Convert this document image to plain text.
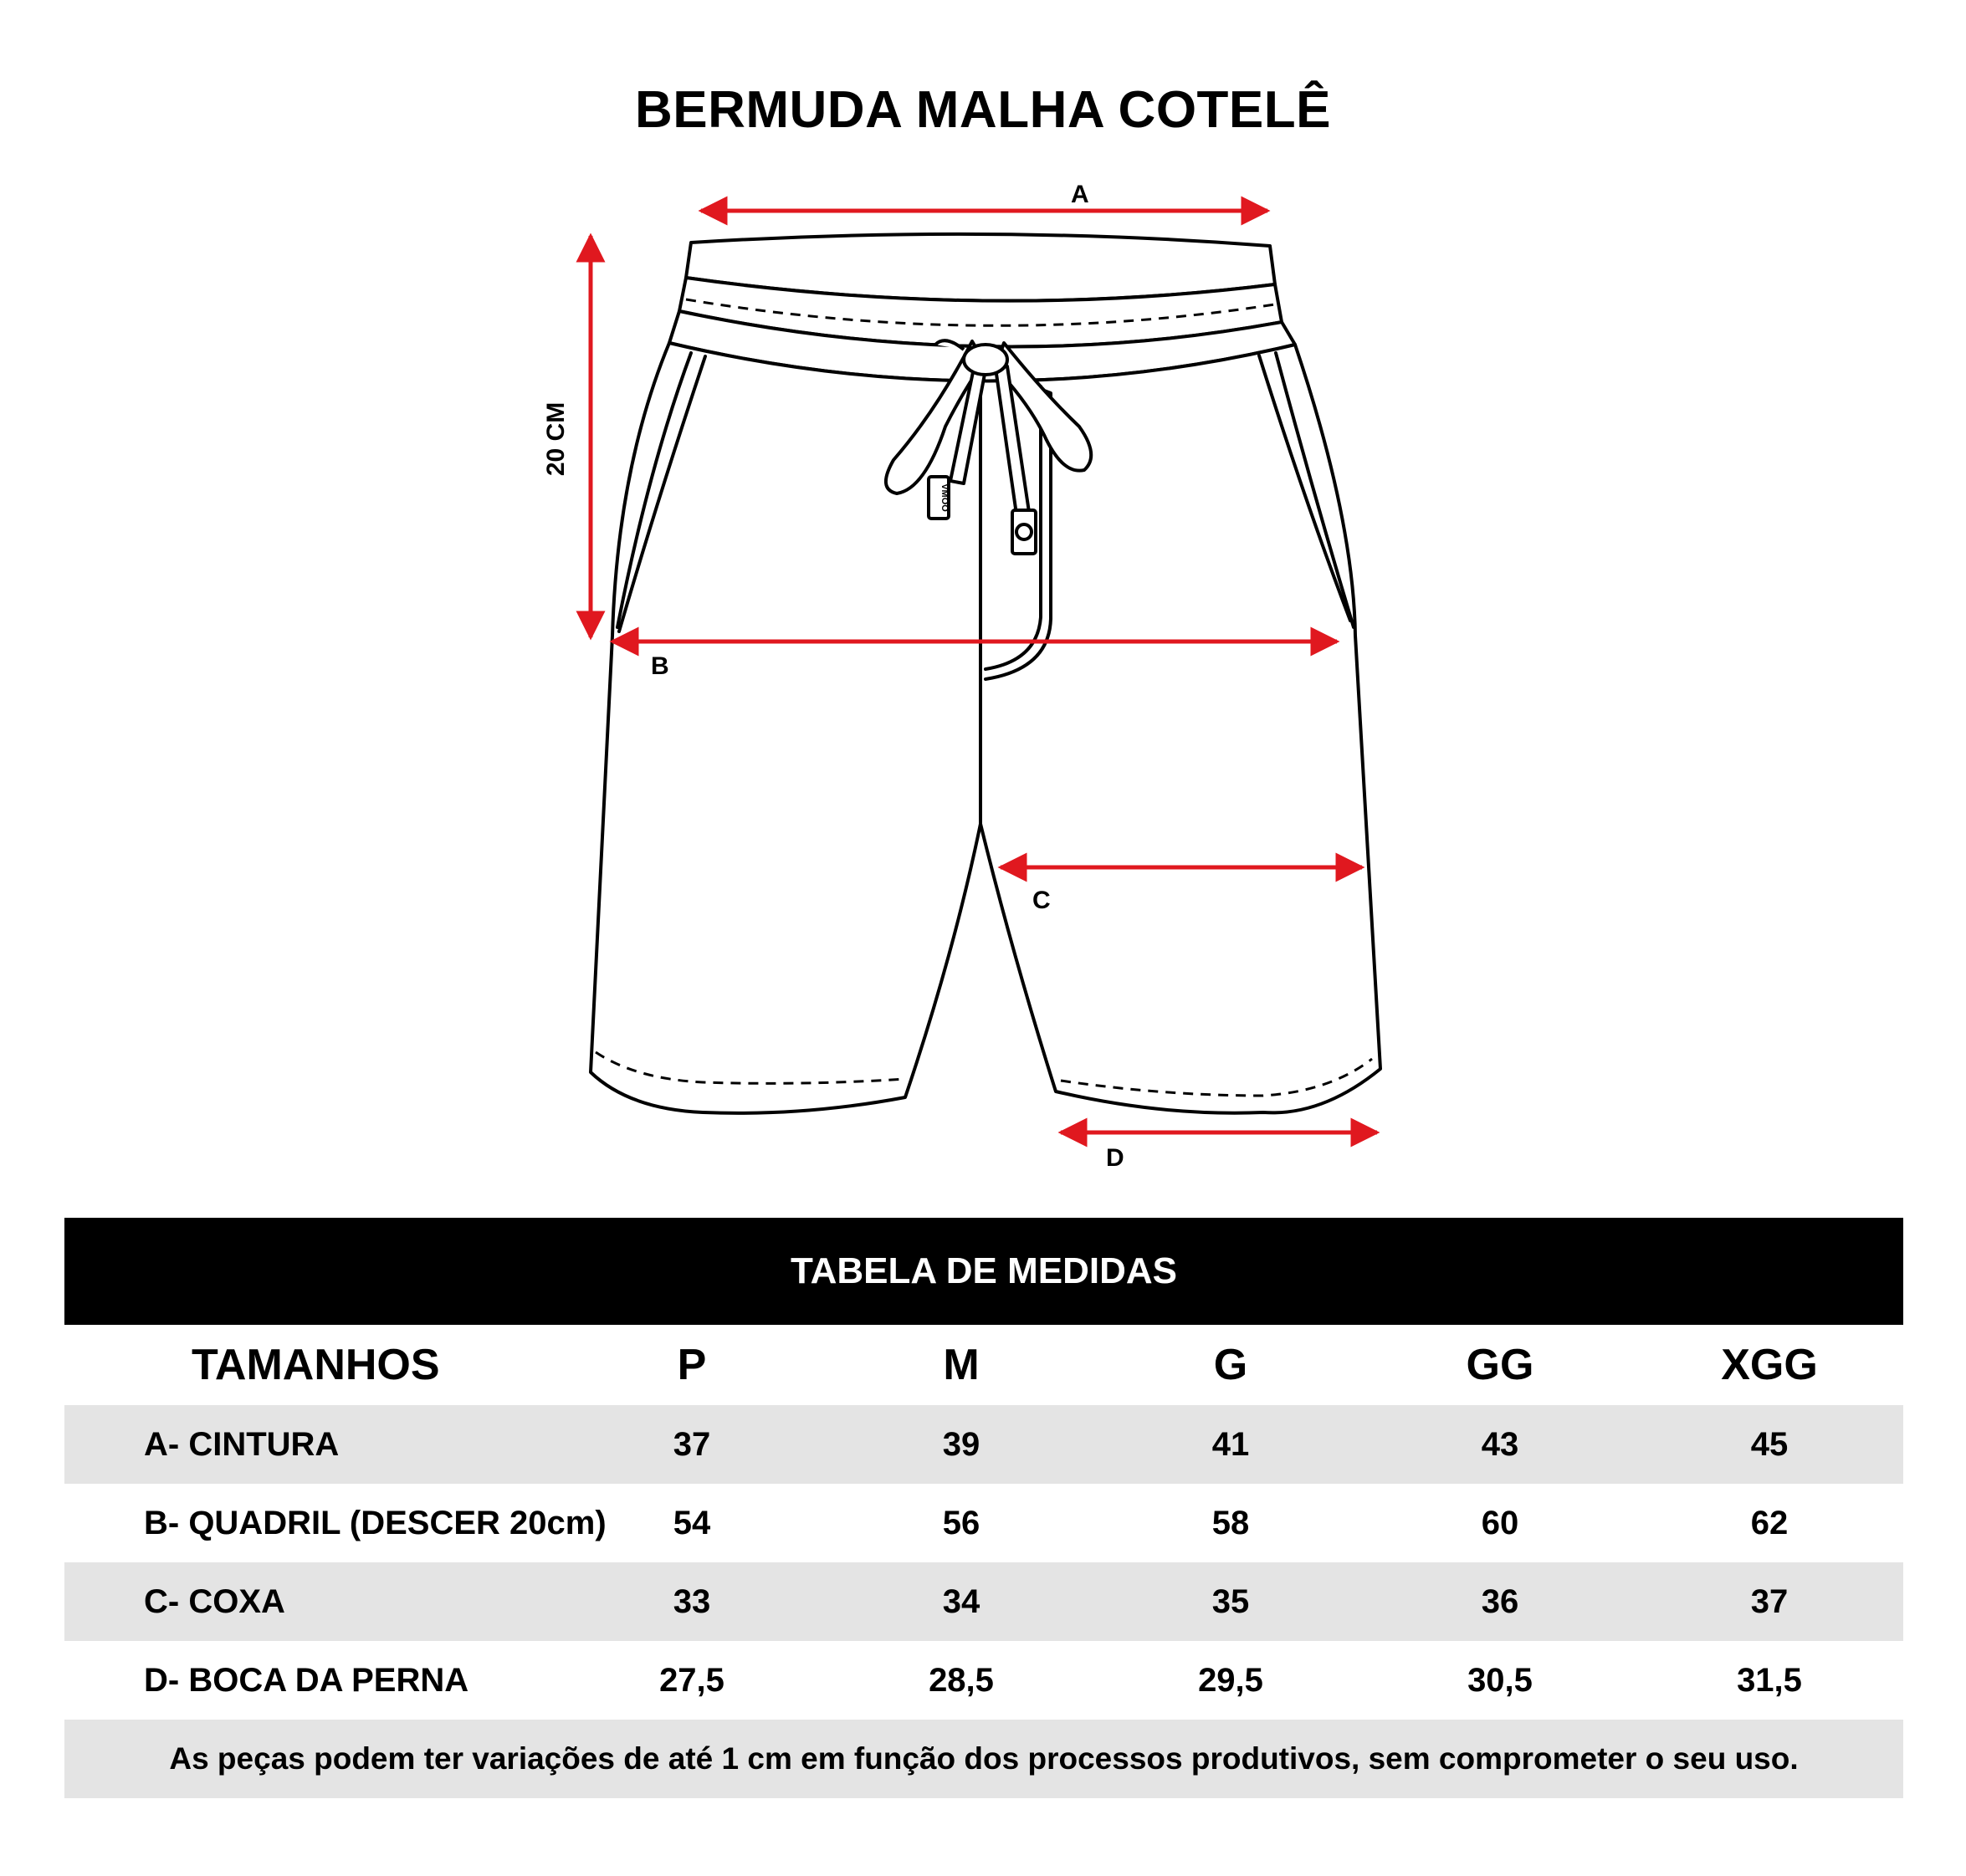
BERMUDA MALHA COTELÊ
A
B
C
D
20 CM
VMOO
TABELA DE MEDIDAS
TAMANHOS	P	M	G	GG	XGG
A- CINTURA	37	39	41	43	45
B- QUADRIL (DESCER 20cm)	54	56	58	60	62
C- COXA	33	34	35	36	37
D- BOCA DA PERNA	27,5	28,5	29,5	30,5	31,5
As peças podem ter variações de até 1 cm em função dos processos produtivos, sem comprometer o seu uso.
